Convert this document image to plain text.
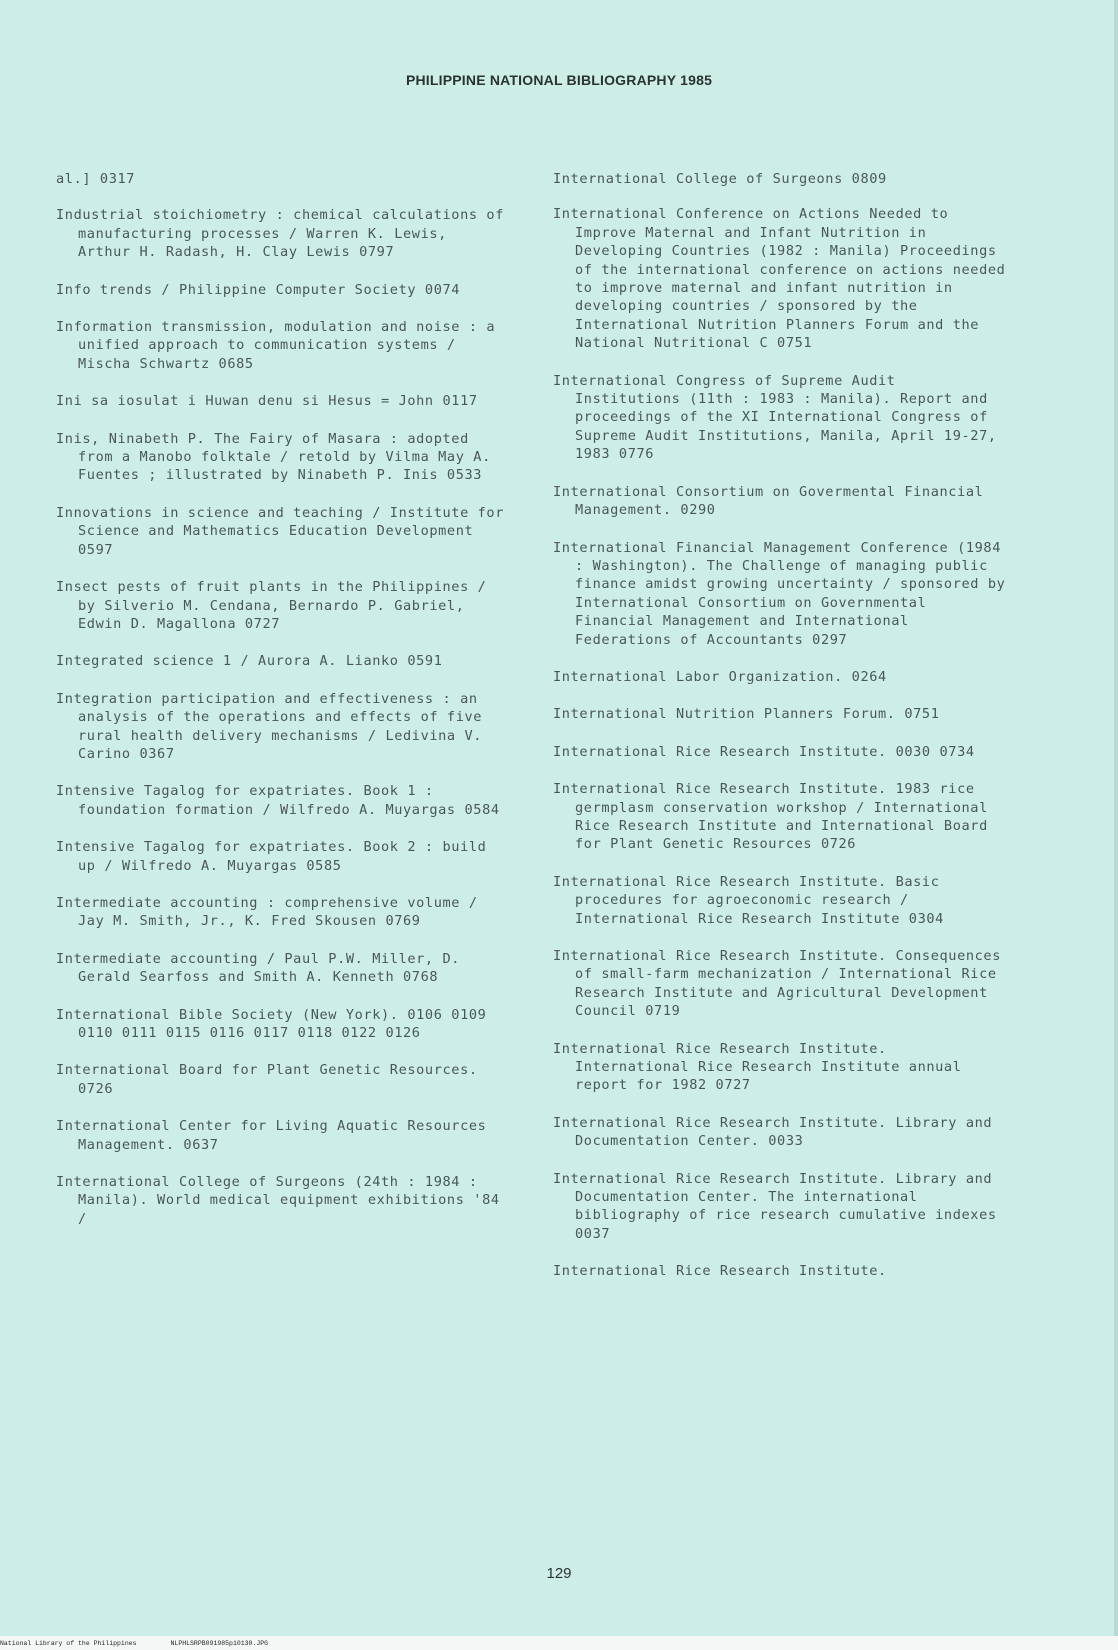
PHILIPPINE NATIONAL BIBLIOGRAPHY 1985
al.] 0317
Industrial stoichiometry : chemical calculations of manufacturing processes / Warren K. Lewis, Arthur H. Radash, H. Clay Lewis 0797
Info trends / Philippine Computer Society 0074
Information transmission, modulation and noise : a unified approach to communication systems / Mischa Schwartz 0685
Ini sa iosulat i Huwan denu si Hesus = John 0117
Inis, Ninabeth P. The Fairy of Masara : adopted from a Manobo folktale / retold by Vilma May A. Fuentes ; illustrated by Ninabeth P. Inis 0533
Innovations in science and teaching / Institute for Science and Mathematics Education Development 0597
Insect pests of fruit plants in the Philippines / by Silverio M. Cendana, Bernardo P. Gabriel, Edwin D. Magallona 0727
Integrated science 1 / Aurora A. Lianko 0591
Integration participation and effectiveness : an analysis of the operations and effects of five rural health delivery mechanisms / Ledivina V. Carino 0367
Intensive Tagalog for expatriates. Book 1 : foundation formation / Wilfredo A. Muyargas 0584
Intensive Tagalog for expatriates. Book 2 : build up / Wilfredo A. Muyargas 0585
Intermediate accounting : comprehensive volume / Jay M. Smith, Jr., K. Fred Skousen 0769
Intermediate accounting / Paul P.W. Miller, D. Gerald Searfoss and Smith A. Kenneth 0768
International Bible Society (New York). 0106 0109 0110 0111 0115 0116 0117 0118 0122 0126
International Board for Plant Genetic Resources. 0726
International Center for Living Aquatic Resources Management. 0637
International College of Surgeons (24th : 1984 : Manila). World medical equipment exhibitions '84 /
International College of Surgeons 0809
International Conference on Actions Needed to Improve Maternal and Infant Nutrition in Developing Countries (1982 : Manila) Proceedings of the international conference on actions needed to improve maternal and infant nutrition in developing countries / sponsored by the International Nutrition Planners Forum and the National Nutritional C 0751
International Congress of Supreme Audit Institutions (11th : 1983 : Manila). Report and proceedings of the XI International Congress of Supreme Audit Institutions, Manila, April 19-27, 1983 0776
International Consortium on Govermental Financial Management. 0290
International Financial Management Conference (1984 : Washington). The Challenge of managing public finance amidst growing uncertainty / sponsored by International Consortium on Governmental Financial Management and International Federations of Accountants 0297
International Labor Organization. 0264
International Nutrition Planners Forum. 0751
International Rice Research Institute. 0030 0734
International Rice Research Institute. 1983 rice germplasm conservation workshop / International Rice Research Institute and International Board for Plant Genetic Resources 0726
International Rice Research Institute. Basic procedures for agroeconomic research / International Rice Research Institute 0304
International Rice Research Institute. Consequences of small-farm mechanization / International Rice Research Institute and Agricultural Development Council 0719
International Rice Research Institute. International Rice Research Institute annual report for 1982 0727
International Rice Research Institute. Library and Documentation Center. 0033
International Rice Research Institute. Library and Documentation Center. The international bibliography of rice research cumulative indexes 0037
International Rice Research Institute.
129
National Library of the Philippines	NLPHLSRPB091985p10130.JPG
